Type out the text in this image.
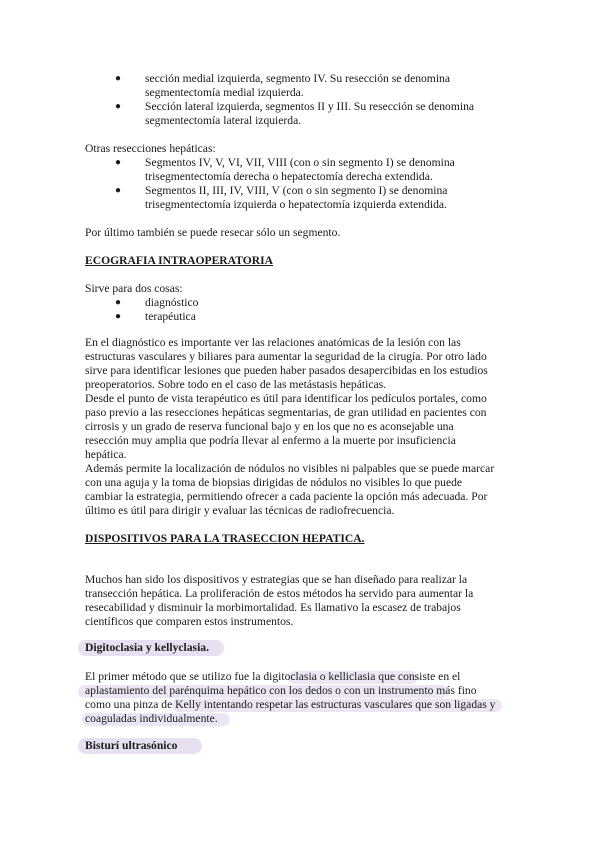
● sección medial izquierda, segmento IV. Su resección se denomina
segmentectomía medial izquierda.
● Sección lateral izquierda, segmentos II y III. Su resección se denomina
segmentectomía lateral izquierda.
Otras resecciones hepáticas:
● Segmentos IV, V, VI, VII, VIII (con o sin segmento I) se denomina
trisegmentectomía derecha o hepatectomía derecha extendida.
● Segmentos II, III, IV, VIII, V (con o sin segmento I) se denomina
trisegmentectomía izquierda o hepatectomía izquierda extendida.
Por último también se puede resecar sólo un segmento.
ECOGRAFIA INTRAOPERATORIA
Sirve para dos cosas:
● diagnóstico
● terapéutica
En el diagnóstico es importante ver las relaciones anatómicas de la lesión con las
estructuras vasculares y biliares para aumentar la seguridad de la cirugía. Por otro lado
sirve para identificar lesiones que pueden haber pasados desapercibidas en los estudios
preoperatorios. Sobre todo en el caso de las metástasis hepáticas.
Desde el punto de vista terapéutico es útil para identificar los pedículos portales, como
paso previo a las resecciones hepáticas segmentarias, de gran utilidad en pacientes con
cirrosis y un grado de reserva funcional bajo y en los que no es aconsejable una
resección muy amplia que podría llevar al enfermo a la muerte por insuficiencia
hepática.
Además permite la localización de nódulos no visibles ni palpables que se puede marcar
con una aguja y la toma de biopsias dirigidas de nódulos no visibles lo que puede
cambiar la estrategia, permitiendo ofrecer a cada paciente la opción más adecuada. Por
último es útil para dirigir y evaluar las técnicas de radiofrecuencia.
DISPOSITIVOS PARA LA TRASECCION HEPATICA.
Muchos han sido los dispositivos y estrategias que se han diseñado para realizar la
transección hepática. La proliferación de estos métodos ha servido para aumentar la
resecabilidad y disminuir la morbimortalidad. Es llamativo la escasez de trabajos
científicos que comparen estos instrumentos.
Digitoclasia y kellyclasia.
El primer método que se utilizo fue la digitoclasia o kelliclasia que consiste en el
aplastamiento del parénquima hepático con los dedos o con un instrumento más fino
como una pinza de Kelly intentando respetar las estructuras vasculares que son ligadas y
coaguladas individualmente.
Bisturí ultrasónico
